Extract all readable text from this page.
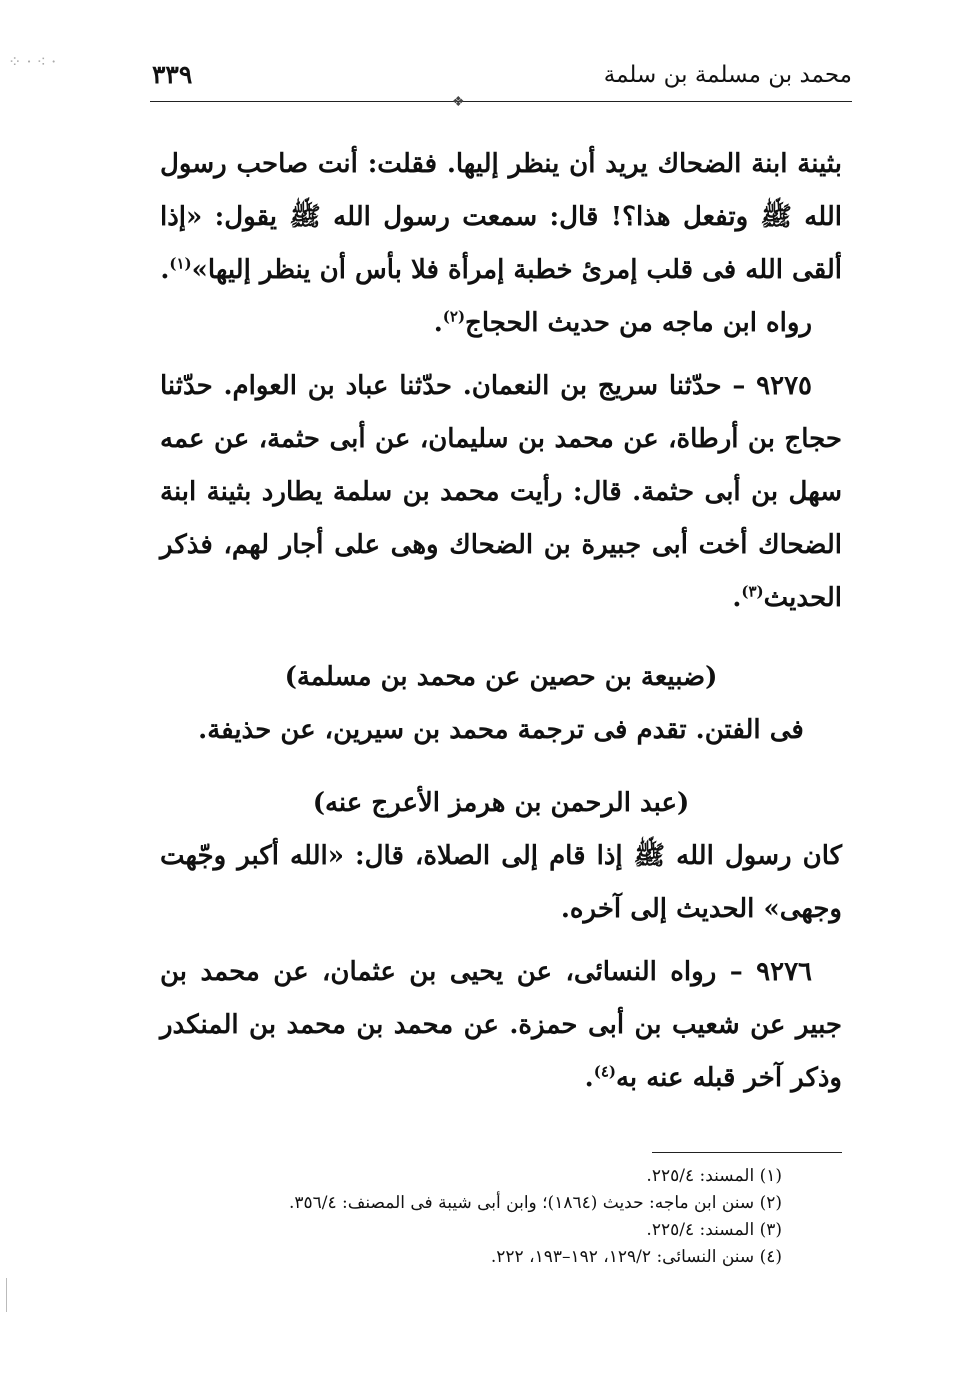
⁘ · ⁖ ·
محمد بن مسلمة بن سلمة
٣٣٩
❖

بثينة ابنة الضحاك يريد أن ينظر إليها. فقلت: أنت صاحب رسول الله ﷺ وتفعل هذا؟! قال: سمعت رسول الله ﷺ يقول: «إذا ألقى الله فى قلب إمرئ خطبة إمرأة فلا بأس أن ينظر إليها»$^{(١)}$.

رواه ابن ماجه من حديث الحجاج$^{(٢)}$.

٩٢٧٥ – حدّثنا سريج بن النعمان. حدّثنا عباد بن العوام. حدّثنا حجاج بن أرطاة، عن محمد بن سليمان، عن أبى حثمة، عن عمه سهل بن أبى حثمة. قال: رأيت محمد بن سلمة يطارد بثينة ابنة الضحاك أخت أبى جبيرة بن الضحاك وهى على أجار لهم، فذكر الحديث$^{(٣)}$.

(ضبيعة بن حصين عن محمد بن مسلمة)

فى الفتن. تقدم فى ترجمة محمد بن سيرين، عن حذيفة.

(عبد الرحمن بن هرمز الأعرج عنه)

كان رسول الله ﷺ إذا قام إلى الصلاة، قال: «الله أكبر وجّهت وجهى» الحديث إلى آخره.

٩٢٧٦ – رواه النسائى، عن يحيى بن عثمان، عن محمد بن جبير عن شعيب بن أبى حمزة. عن محمد بن محمد بن المنكدر وذكر آخر قبله عنه به$^{(٤)}$.

(١) المسند: ٢٢٥/٤.

(٢) سنن ابن ماجه: حديث (١٨٦٤)؛ وابن أبى شيبة فى المصنف: ٣٥٦/٤.

(٣) المسند: ٢٢٥/٤.

(٤) سنن النسائى: ١٢٩/٢، ١٩٢–١٩٣، ٢٢٢.
